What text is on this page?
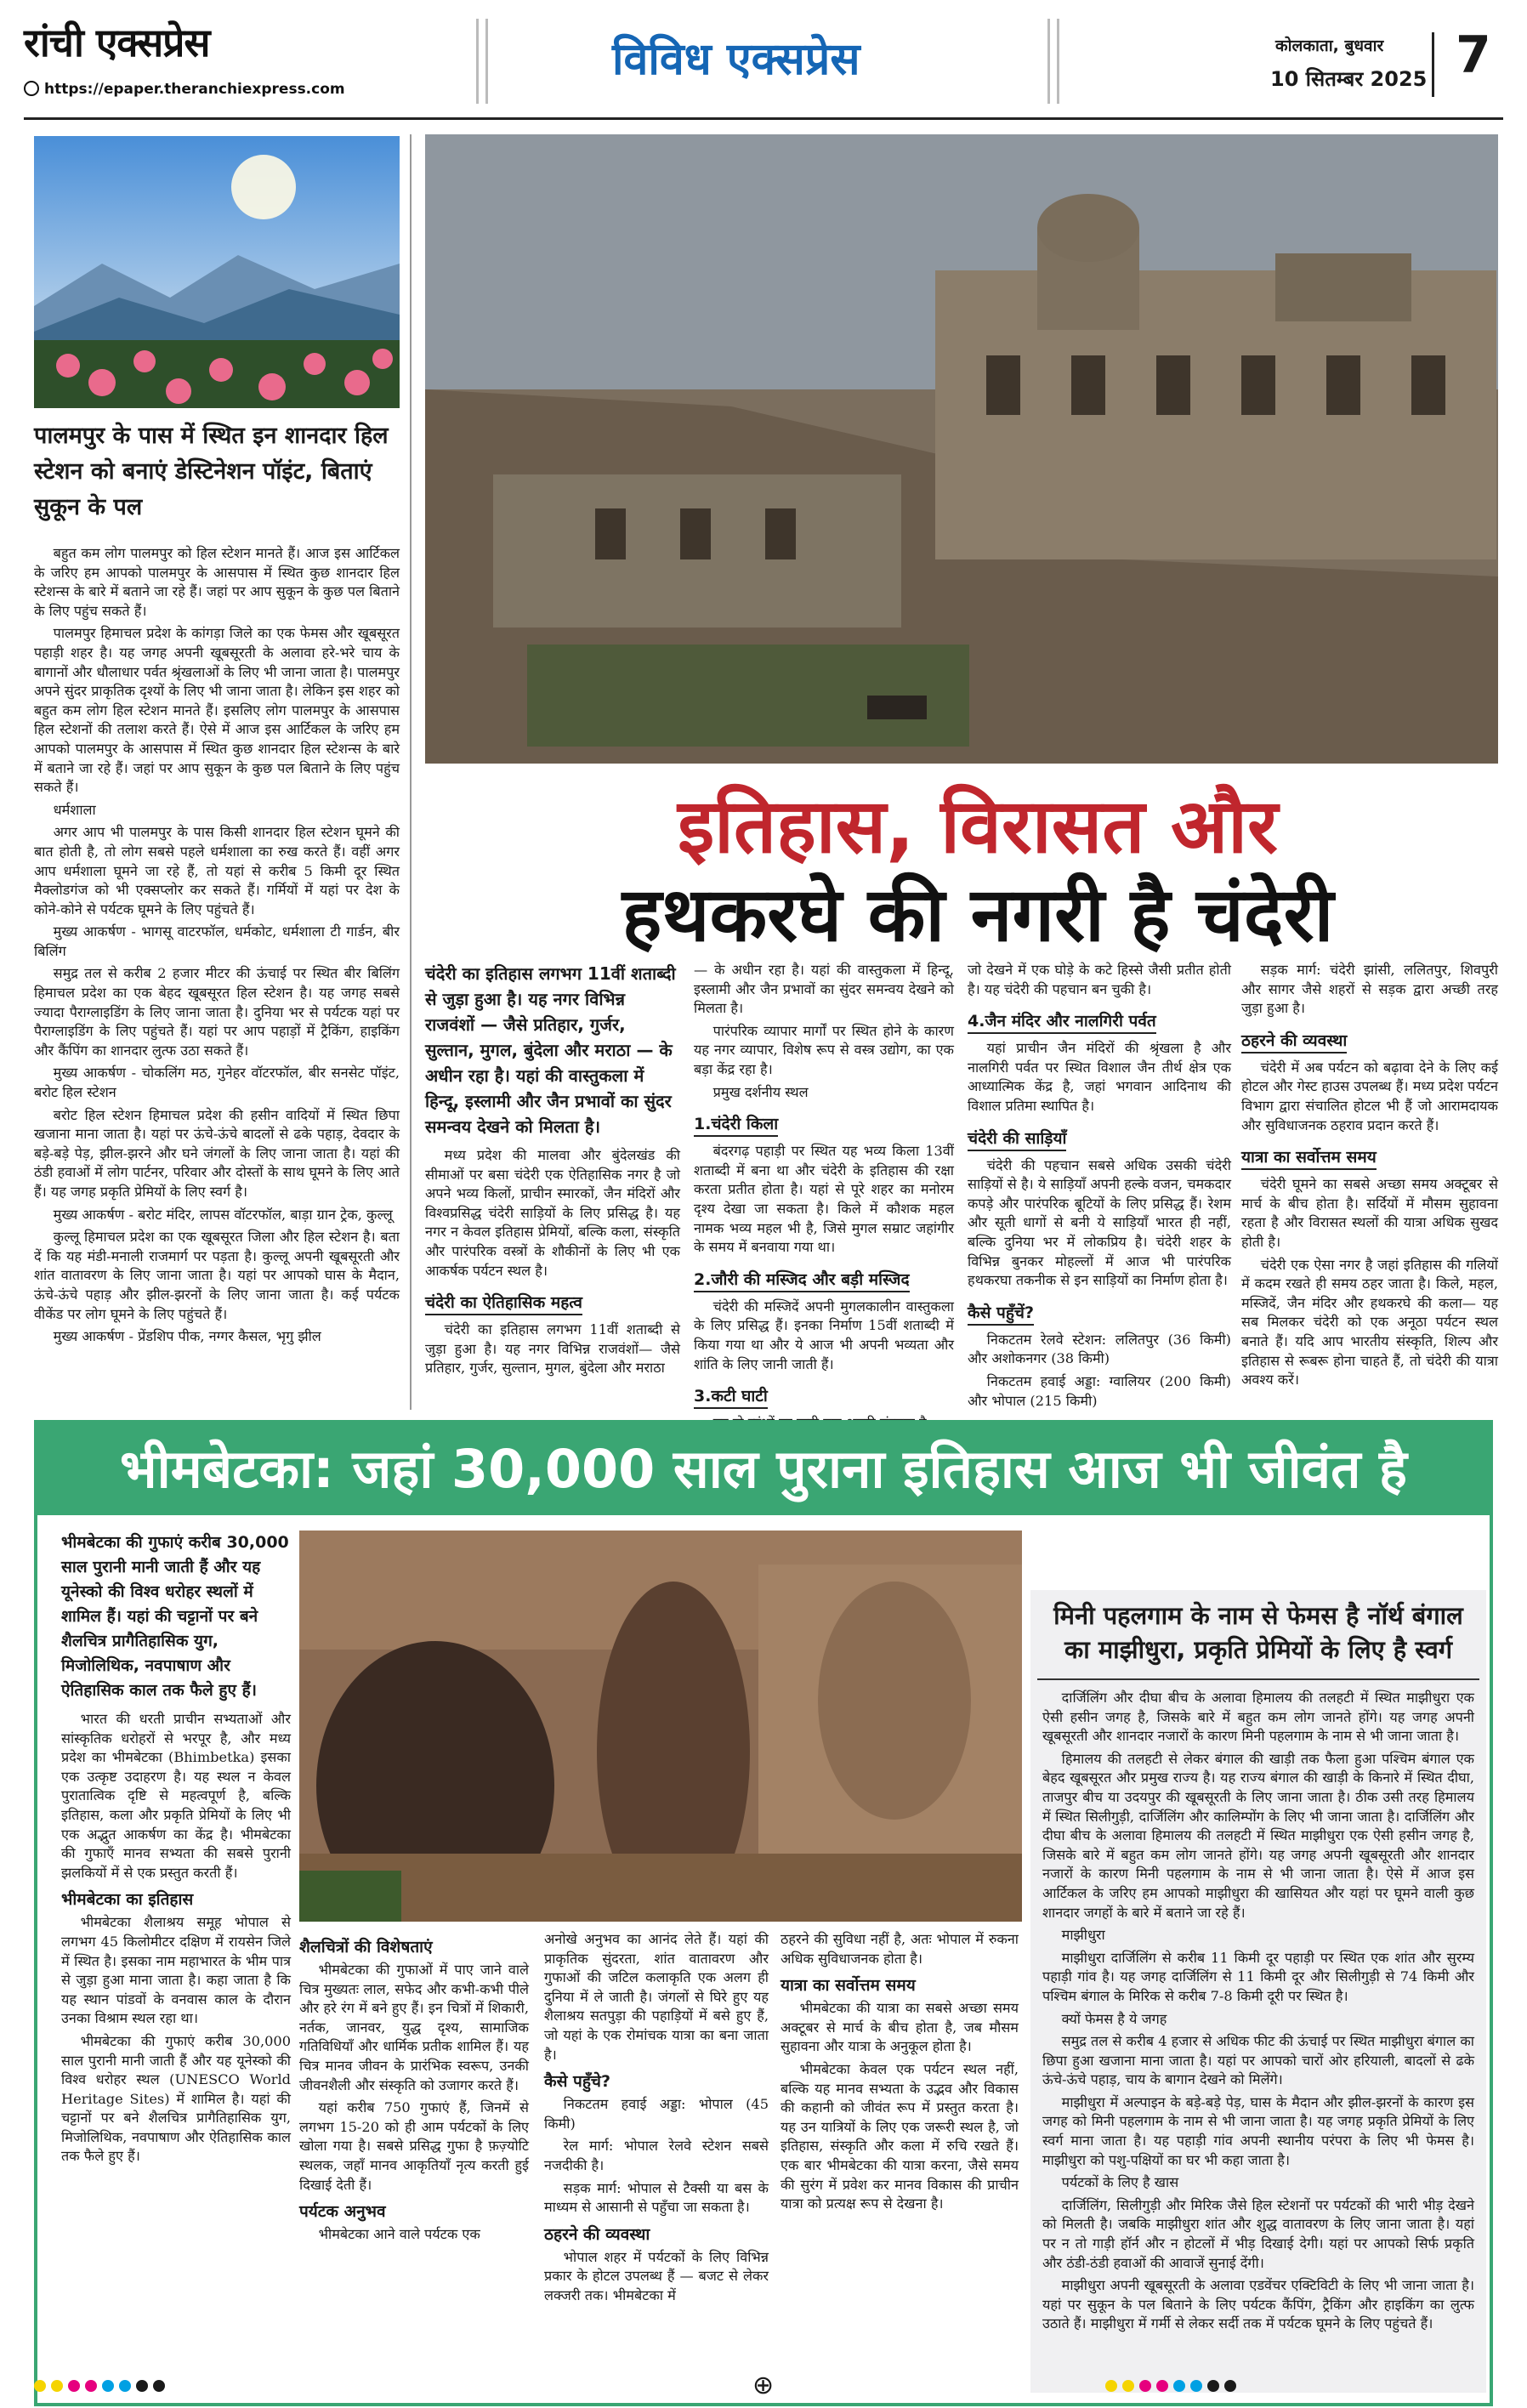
रांची एक्सप्रेस
https://epaper.theranchiexpress.com
विविध एक्सप्रेस	कोलकाता, बुधवार
10 सितम्बर 2025 7
पालमपुर के पास में स्थित इन शानदार हिल स्टेशन को बनाएं डेस्टिनेशन पॉइंट, बिताएं सुकून के पल

बहुत कम लोग पालमपुर को हिल स्टेशन मानते हैं। आज इस आर्टिकल के जरिए हम आपको पालमपुर के आसपास में स्थित कुछ शानदार हिल स्टेशन्स के बारे में बताने जा रहे हैं। जहां पर आप सुकून के कुछ पल बिताने के लिए पहुंच सकते हैं।

पालमपुर हिमाचल प्रदेश के कांगड़ा जिले का एक फेमस और खूबसूरत पहाड़ी शहर है। यह जगह अपनी खूबसूरती के अलावा हरे-भरे चाय के बागानों और धौलाधार पर्वत श्रृंखलाओं के लिए भी जाना जाता है। पालमपुर अपने सुंदर प्राकृतिक दृश्यों के लिए भी जाना जाता है। लेकिन इस शहर को बहुत कम लोग हिल स्टेशन मानते हैं। इसलिए लोग पालमपुर के आसपास हिल स्टेशनों की तलाश करते हैं। ऐसे में आज इस आर्टिकल के जरिए हम आपको पालमपुर के आसपास में स्थित कुछ शानदार हिल स्टेशन्स के बारे में बताने जा रहे हैं। जहां पर आप सुकून के कुछ पल बिताने के लिए पहुंच सकते हैं।

धर्मशाला

अगर आप भी पालमपुर के पास किसी शानदार हिल स्टेशन घूमने की बात होती है, तो लोग सबसे पहले धर्मशाला का रुख करते हैं। वहीं अगर आप धर्मशाला घूमने जा रहे हैं, तो यहां से करीब 5 किमी दूर स्थित मैक्लोडगंज को भी एक्सप्लोर कर सकते हैं। गर्मियों में यहां पर देश के कोने-कोने से पर्यटक घूमने के लिए पहुंचते हैं।

मुख्य आकर्षण - भागसू वाटरफॉल, धर्मकोट, धर्मशाला टी गार्डन, बीर बिलिंग

समुद्र तल से करीब 2 हजार मीटर की ऊंचाई पर स्थित बीर बिलिंग हिमाचल प्रदेश का एक बेहद खूबसूरत हिल स्टेशन है। यह जगह सबसे ज्यादा पैराग्लाइडिंग के लिए जाना जाता है। दुनिया भर से पर्यटक यहां पर पैराग्लाइडिंग के लिए पहुंचते हैं। यहां पर आप पहाड़ों में ट्रैकिंग, हाइकिंग और कैंपिंग का शानदार लुत्फ उठा सकते हैं।

मुख्य आकर्षण - चोकलिंग मठ, गुनेहर वॉटरफॉल, बीर सनसेट पॉइंट, बरोट हिल स्टेशन

बरोट हिल स्टेशन हिमाचल प्रदेश की हसीन वादियों में स्थित छिपा खजाना माना जाता है। यहां पर ऊंचे-ऊंचे बादलों से ढके पहाड़, देवदार के बड़े-बड़े पेड़, झील-झरने और घने जंगलों के लिए जाना जाता है। यहां की ठंडी हवाओं में लोग पार्टनर, परिवार और दोस्तों के साथ घूमने के लिए आते हैं। यह जगह प्रकृति प्रेमियों के लिए स्वर्ग है।

मुख्य आकर्षण - बरोट मंदिर, लापस वॉटरफॉल, बाड़ा ग्रान ट्रेक, कुल्लू

कुल्लू हिमाचल प्रदेश का एक खूबसूरत जिला और हिल स्टेशन है। बता दें कि यह मंडी-मनाली राजमार्ग पर पड़ता है। कुल्लू अपनी खूबसूरती और शांत वातावरण के लिए जाना जाता है। यहां पर आपको घास के मैदान, ऊंचे-ऊंचे पहाड़ और झील-झरनों के लिए जाना जाता है। कई पर्यटक वीकेंड पर लोग घूमने के लिए पहुंचते हैं।

मुख्य आकर्षण - प्रेंडशिप पीक, नग्गर कैसल, भृगु झील

इतिहास, विरासत और
हथकरघे की नगरी है चंदेरी
चंदेरी का इतिहास लगभग 11वीं शताब्दी से जुड़ा हुआ है। यह नगर विभिन्न राजवंशों — जैसे प्रतिहार, गुर्जर, सुल्तान, मुगल, बुंदेला और मराठा — के अधीन रहा है। यहां की वास्तुकला में हिन्दू, इस्लामी और जैन प्रभावों का सुंदर समन्वय देखने को मिलता है।

मध्य प्रदेश की मालवा और बुंदेलखंड की सीमाओं पर बसा चंदेरी एक ऐतिहासिक नगर है जो अपने भव्य किलों, प्राचीन स्मारकों, जैन मंदिरों और विश्वप्रसिद्ध चंदेरी साड़ियों के लिए प्रसिद्ध है। यह नगर न केवल इतिहास प्रेमियों, बल्कि कला, संस्कृति और पारंपरिक वस्त्रों के शौकीनों के लिए भी एक आकर्षक पर्यटन स्थल है।

चंदेरी का ऐतिहासिक महत्व

चंदेरी का इतिहास लगभग 11वीं शताब्दी से जुड़ा हुआ है। यह नगर विभिन्न राजवंशों— जैसे प्रतिहार, गुर्जर, सुल्तान, मुगल, बुंदेला और मराठा

— के अधीन रहा है। यहां की वास्तुकला में हिन्दू, इस्लामी और जैन प्रभावों का सुंदर समन्वय देखने को मिलता है।

पारंपरिक व्यापार मार्गों पर स्थित होने के कारण यह नगर व्यापार, विशेष रूप से वस्त्र उद्योग, का एक बड़ा केंद्र रहा है।

प्रमुख दर्शनीय स्थल

1.चंदेरी किला

बंदरगढ़ पहाड़ी पर स्थित यह भव्य किला 13वीं शताब्दी में बना था और चंदेरी के इतिहास की रक्षा करता प्रतीत होता है। यहां से पूरे शहर का मनोरम दृश्य देखा जा सकता है। किले में कौशक महल नामक भव्य महल भी है, जिसे मुगल सम्राट जहांगीर के समय में बनवाया गया था।

2.जौरी की मस्जिद और बड़ी मस्जिद

चंदेरी की मस्जिदें अपनी मुगलकालीन वास्तुकला के लिए प्रसिद्ध हैं। इनका निर्माण 15वीं शताब्दी में किया गया था और ये आज भी अपनी भव्यता और शांति के लिए जानी जाती हैं।

3.कटी घाटी

जो देखने में एक घोड़े के कटे हिस्से जैसी प्रतीत होती है। यह चंदेरी की पहचान बन चुकी है।

4.जैन मंदिर और नालगिरी पर्वत

यहां प्राचीन जैन मंदिरों की श्रृंखला है और नालगिरी पर्वत पर स्थित विशाल जैन तीर्थ क्षेत्र एक आध्यात्मिक केंद्र है, जहां भगवान आदिनाथ की विशाल प्रतिमा स्थापित है।

चंदेरी की साड़ियाँ

चंदेरी की पहचान सबसे अधिक उसकी चंदेरी साड़ियों से है। ये साड़ियाँ अपनी हल्के वजन, चमकदार कपड़े और पारंपरिक बूटियों के लिए प्रसिद्ध हैं। रेशम और सूती धागों से बनी ये साड़ियाँ भारत ही नहीं, बल्कि दुनिया भर में लोकप्रिय है। चंदेरी शहर के विभिन्न बुनकर मोहल्लों में आज भी पारंपरिक हथकरघा तकनीक से इन साड़ियों का निर्माण होता है।

कैसे पहुँचें?

निकटतम रेलवे स्टेशन: ललितपुर (36 किमी) और अशोकनगर (38 किमी)

निकटतम हवाई अड्डा: ग्वालियर (200 किमी) और भोपाल (215 किमी)

सड़क मार्ग: चंदेरी झांसी, ललितपुर, शिवपुरी और सागर जैसे शहरों से सड़क द्वारा अच्छी तरह जुड़ा हुआ है।

ठहरने की व्यवस्था

चंदेरी में अब पर्यटन को बढ़ावा देने के लिए कई होटल और गेस्ट हाउस उपलब्ध हैं। मध्य प्रदेश पर्यटन विभाग द्वारा संचालित होटल भी हैं जो आरामदायक और सुविधाजनक ठहराव प्रदान करते हैं।

यात्रा का सर्वोत्तम समय

चंदेरी घूमने का सबसे अच्छा समय अक्टूबर से मार्च के बीच होता है। सर्दियों में मौसम सुहावना रहता है और विरासत स्थलों की यात्रा अधिक सुखद होती है।

चंदेरी एक ऐसा नगर है जहां इतिहास की गलियों में कदम रखते ही समय ठहर जाता है। किले, महल, मस्जिदें, जैन मंदिर और हथकरघे की कला— यह सब मिलकर चंदेरी को एक अनूठा पर्यटन स्थल बनाते हैं। यदि आप भारतीय संस्कृति, शिल्प और इतिहास से रूबरू होना चाहते हैं, तो चंदेरी की यात्रा अवश्य करें।

भीमबेटका: जहां 30,000 साल पुराना इतिहास आज भी जीवंत है
भीमबेटका की गुफाएं करीब 30,000 साल पुरानी मानी जाती हैं और यह यूनेस्को की विश्व धरोहर स्थलों में शामिल हैं। यहां की चट्टानों पर बने शैलचित्र प्रागैतिहासिक युग, मिजोलिथिक, नवपाषाण और ऐतिहासिक काल तक फैले हुए हैं।

भारत की धरती प्राचीन सभ्यताओं और सांस्कृतिक धरोहरों से भरपूर है, और मध्य प्रदेश का भीमबेटका (Bhimbetka) इसका एक उत्कृष्ट उदाहरण है। यह स्थल न केवल पुरातात्विक दृष्टि से महत्वपूर्ण है, बल्कि इतिहास, कला और प्रकृति प्रेमियों के लिए भी एक अद्भुत आकर्षण का केंद्र है। भीमबेटका की गुफाएँ मानव सभ्यता की सबसे पुरानी झलकियों में से एक प्रस्तुत करती हैं।

भीमबेटका का इतिहास

भीमबेटका शैलाश्रय समूह भोपाल से लगभग 45 किलोमीटर दक्षिण में रायसेन जिले में स्थित है। इसका नाम महाभारत के भीम पात्र से जुड़ा हुआ माना जाता है। कहा जाता है कि यह स्थान पांडवों के वनवास काल के दौरान उनका विश्राम स्थल रहा था।

भीमबेटका की गुफाएं करीब 30,000 साल पुरानी मानी जाती हैं और यह यूनेस्को की विश्व धरोहर स्थल (UNESCO World Heritage Sites) में शामिल है। यहां की चट्टानों पर बने शैलचित्र प्रागैतिहासिक युग, मिजोलिथिक, नवपाषाण और ऐतिहासिक काल तक फैले हुए हैं।

शैलचित्रों की विशेषताएं

भीमबेटका की गुफाओं में पाए जाने वाले चित्र मुख्यतः लाल, सफेद और कभी-कभी पीले और हरे रंग में बने हुए हैं। इन चित्रों में शिकारी, नर्तक, जानवर, युद्ध दृश्य, सामाजिक गतिविधियाँ और धार्मिक प्रतीक शामिल हैं। यह चित्र मानव जीवन के प्रारंभिक स्वरूप, उनकी जीवनशैली और संस्कृति को उजागर करते हैं।

यहां करीब 750 गुफाएं हैं, जिनमें से लगभग 15-20 को ही आम पर्यटकों के लिए खोला गया है। सबसे प्रसिद्ध गुफा है फ़ज़्योटि स्थलक, जहाँ मानव आकृतियाँ नृत्य करती हुई दिखाई देती हैं।

पर्यटक अनुभव

भीमबेटका आने वाले पर्यटक एक

अनोखे अनुभव का आनंद लेते हैं। यहां की प्राकृतिक सुंदरता, शांत वातावरण और गुफाओं की जटिल कलाकृति एक अलग ही दुनिया में ले जाती है। जंगलों से घिरे हुए यह शैलाश्रय सतपुड़ा की पहाड़ियों में बसे हुए हैं, जो यहां के एक रोमांचक यात्रा का बना जाता है।

कैसे पहुँचे?

निकटतम हवाई अड्डा: भोपाल (45 किमी)

रेल मार्ग: भोपाल रेलवे स्टेशन सबसे नजदीकी है।

सड़क मार्ग: भोपाल से टैक्सी या बस के माध्यम से आसानी से पहुँचा जा सकता है।

ठहरने की व्यवस्था

भोपाल शहर में पर्यटकों के लिए विभिन्न प्रकार के होटल उपलब्ध हैं — बजट से लेकर लक्जरी तक। भीमबेटका में

ठहरने की सुविधा नहीं है, अतः भोपाल में रुकना अधिक सुविधाजनक होता है।

यात्रा का सर्वोत्तम समय

भीमबेटका की यात्रा का सबसे अच्छा समय अक्टूबर से मार्च के बीच होता है, जब मौसम सुहावना और यात्रा के अनुकूल होता है।

भीमबेटका केवल एक पर्यटन स्थल नहीं, बल्कि यह मानव सभ्यता के उद्भव और विकास की कहानी को जीवंत रूप में प्रस्तुत करता है। यह उन यात्रियों के लिए एक जरूरी स्थल है, जो इतिहास, संस्कृति और कला में रुचि रखते हैं। एक बार भीमबेटका की यात्रा करना, जैसे समय की सुरंग में प्रवेश कर मानव विकास की प्राचीन यात्रा को प्रत्यक्ष रूप से देखना है।

मिनी पहलगाम के नाम से फेमस है नॉर्थ बंगाल का माझीधुरा, प्रकृति प्रेमियों के लिए है स्वर्ग

दार्जिलिंग और दीघा बीच के अलावा हिमालय की तलहटी में स्थित माझीधुरा एक ऐसी हसीन जगह है, जिसके बारे में बहुत कम लोग जानते होंगे। यह जगह अपनी खूबसूरती और शानदार नजारों के कारण मिनी पहलगाम के नाम से भी जाना जाता है।

हिमालय की तलहटी से लेकर बंगाल की खाड़ी तक फैला हुआ पश्चिम बंगाल एक बेहद खूबसूरत और प्रमुख राज्य है। यह राज्य बंगाल की खाड़ी के किनारे में स्थित दीघा, ताजपुर बीच या उदयपुर की खूबसूरती के लिए जाना जाता है। ठीक उसी तरह हिमालय में स्थित सिलीगुड़ी, दार्जिलिंग और कालिम्पोंग के लिए भी जाना जाता है। दार्जिलिंग और दीघा बीच के अलावा हिमालय की तलहटी में स्थित माझीधुरा एक ऐसी हसीन जगह है, जिसके बारे में बहुत कम लोग जानते होंगे। यह जगह अपनी खूबसूरती और शानदार नजारों के कारण मिनी पहलगाम के नाम से भी जाना जाता है। ऐसे में आज इस आर्टिकल के जरिए हम आपको माझीधुरा की खासियत और यहां पर घूमने वाली कुछ शानदार जगहों के बारे में बताने जा रहे हैं।

माझीधुरा

माझीधुरा दार्जिलिंग से करीब 11 किमी दूर पहाड़ी पर स्थित एक शांत और सुरम्य पहाड़ी गांव है। यह जगह दार्जिलिंग से 11 किमी दूर और सिलीगुड़ी से 74 किमी और पश्चिम बंगाल के मिरिक से करीब 7-8 किमी दूरी पर स्थित है।

क्यों फेमस है ये जगह

समुद्र तल से करीब 4 हजार से अधिक फीट की ऊंचाई पर स्थित माझीधुरा बंगाल का छिपा हुआ खजाना माना जाता है। यहां पर आपको चारों ओर हरियाली, बादलों से ढके ऊंचे-ऊंचे पहाड़, चाय के बागान देखने को मिलेंगे।

माझीधुरा में अल्पाइन के बड़े-बड़े पेड़, घास के मैदान और झील-झरनों के कारण इस जगह को मिनी पहलगाम के नाम से भी जाना जाता है। यह जगह प्रकृति प्रेमियों के लिए स्वर्ग माना जाता है। यह पहाड़ी गांव अपनी स्थानीय परंपरा के लिए भी फेमस है। माझीधुरा को पशु-पक्षियों का घर भी कहा जाता है।

पर्यटकों के लिए है खास

दार्जिलिंग, सिलीगुड़ी और मिरिक जैसे हिल स्टेशनों पर पर्यटकों की भारी भीड़ देखने को मिलती है। जबकि माझीधुरा शांत और शुद्ध वातावरण के लिए जाना जाता है। यहां पर न तो गाड़ी हॉर्न और न होटलों में भीड़ दिखाई देगी। यहां पर आपको सिर्फ प्रकृति और ठंडी-ठंडी हवाओं की आवाजें सुनाई देंगी।

माझीधुरा अपनी खूबसूरती के अलावा एडवेंचर एक्टिविटी के लिए भी जाना जाता है। यहां पर सुकून के पल बिताने के लिए पर्यटक कैंपिंग, ट्रैकिंग और हाइकिंग का लुत्फ उठाते हैं। माझीधुरा में गर्मी से लेकर सर्दी तक में पर्यटक घूमने के लिए पहुंचते हैं।

⊕
